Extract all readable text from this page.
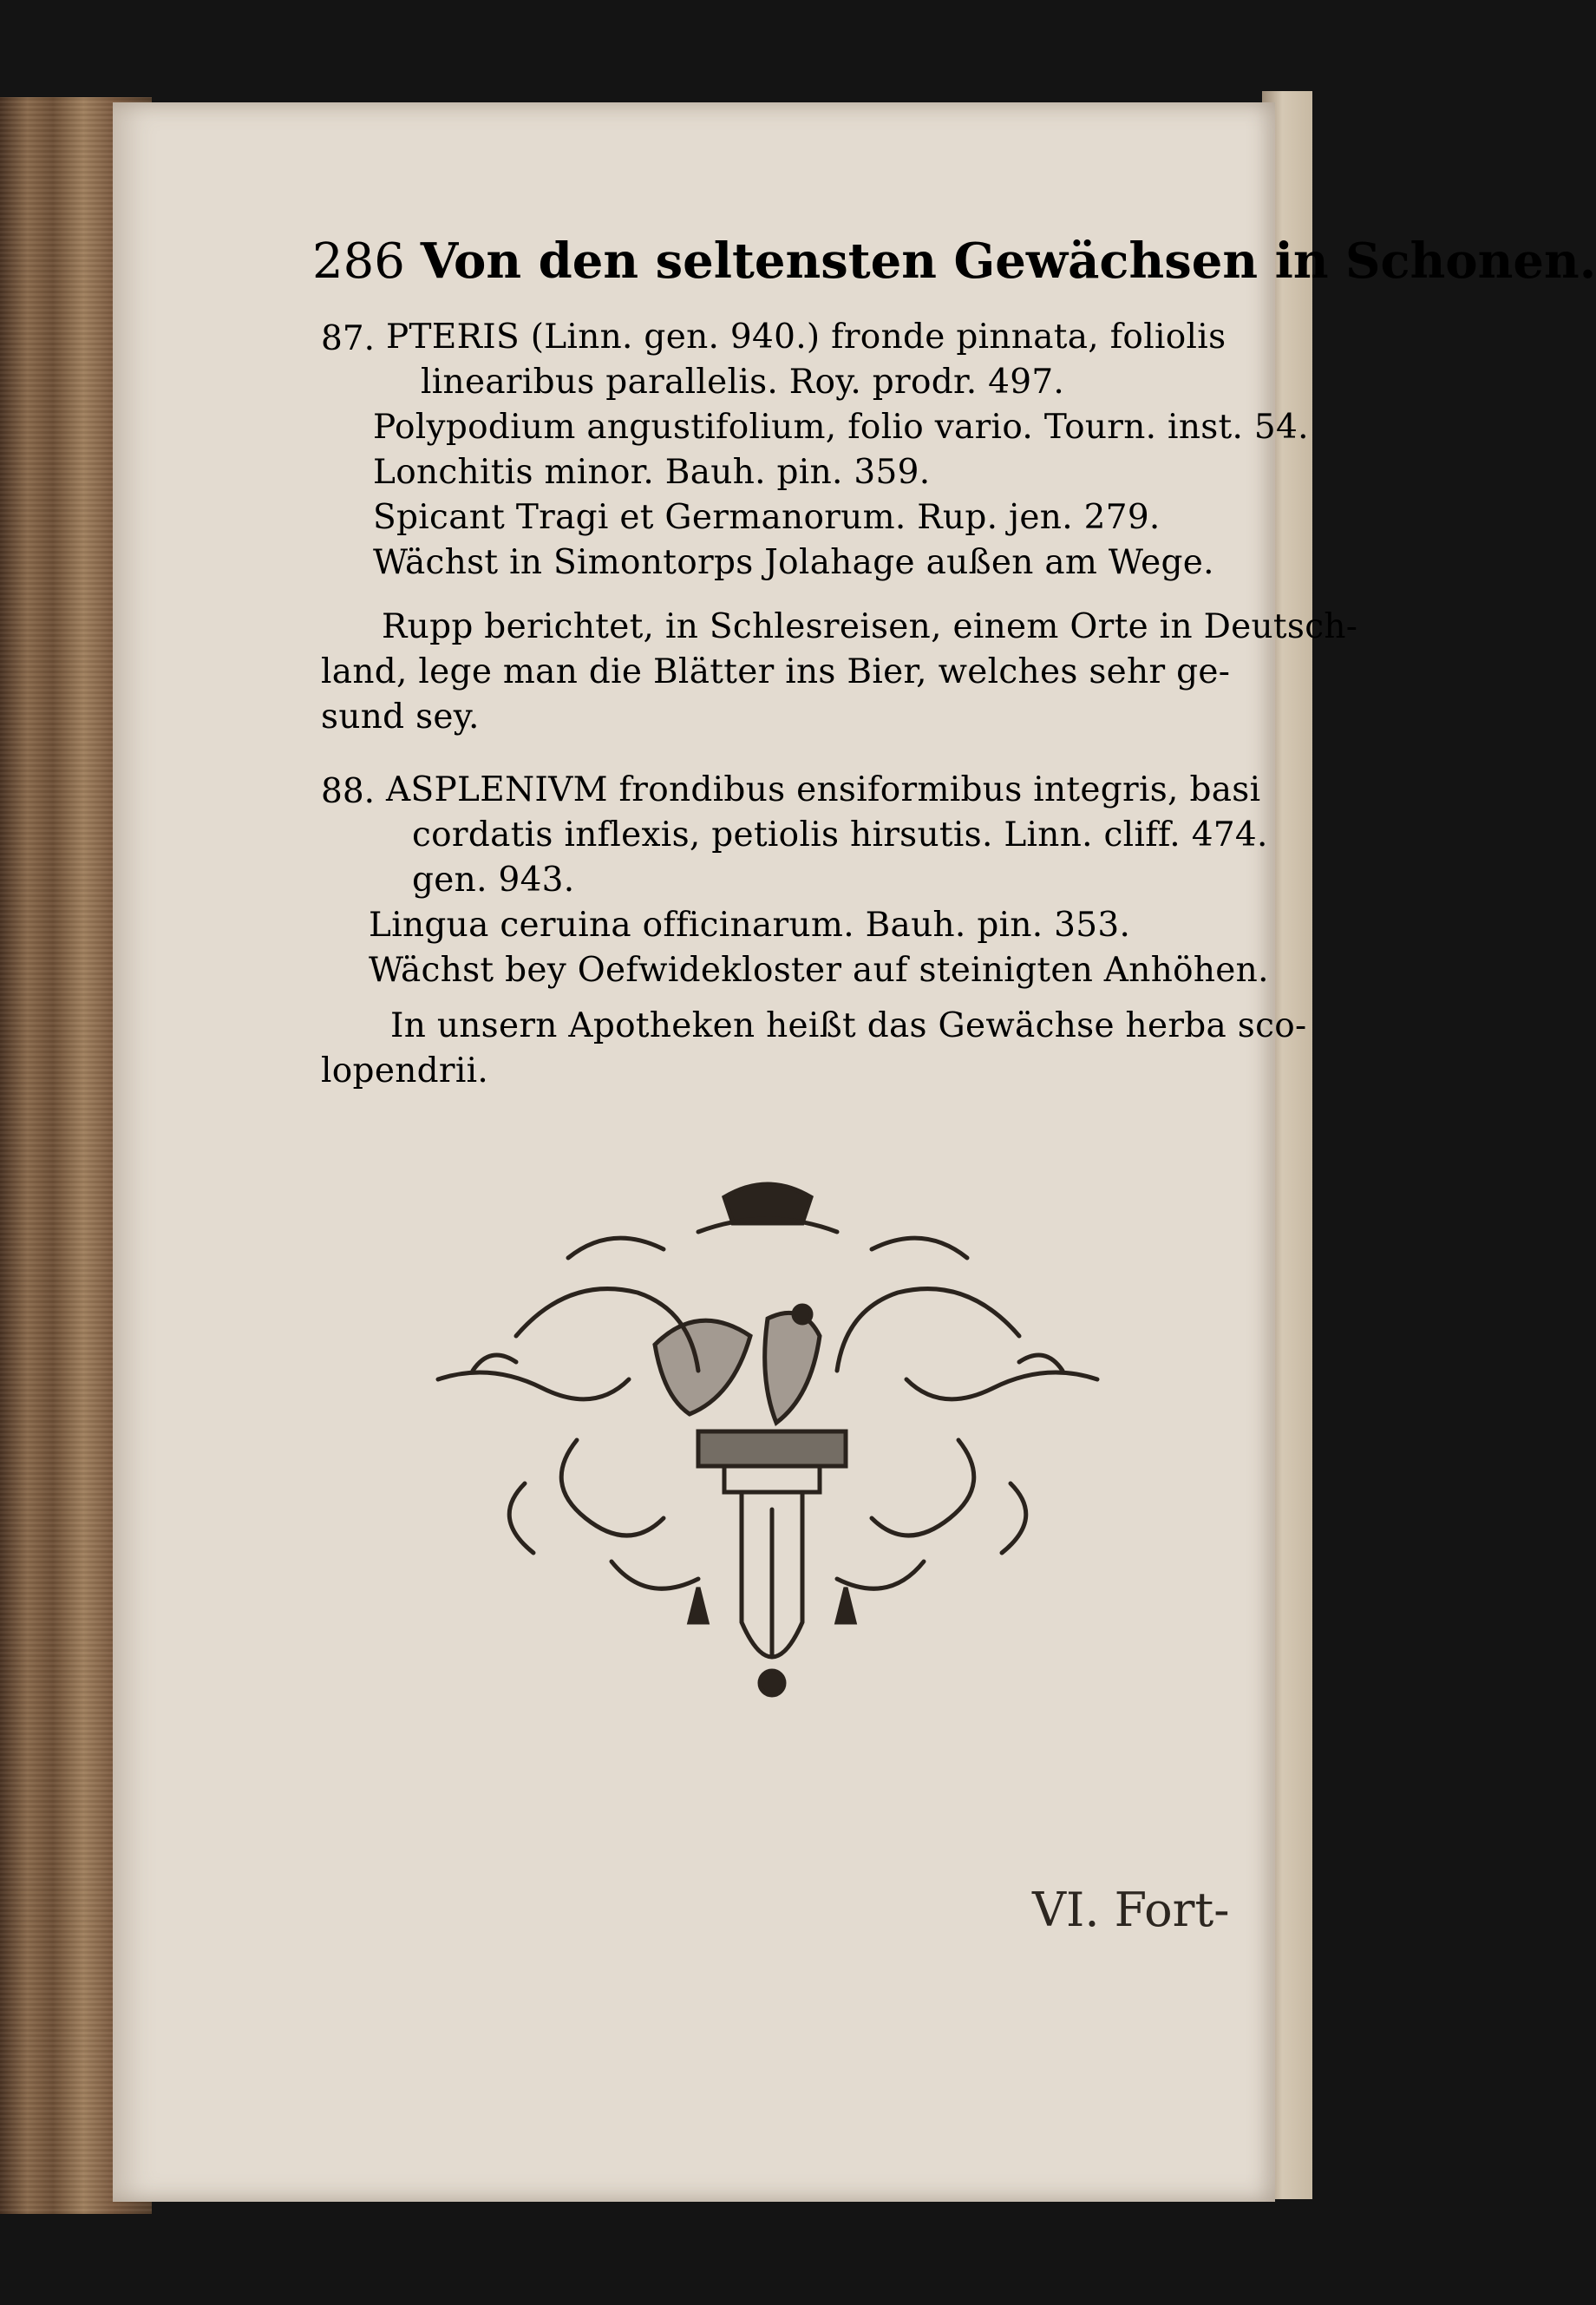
286 Von den seltensten Gewächsen in Schonen.
87. PTERIS (Linn. gen. 940.) fronde pinnata, foliolis
linearibus parallelis. Roy. prodr. 497.
Polypodium angustifolium, folio vario. Tourn. inst. 54.
Lonchitis minor. Bauh. pin. 359.
Spicant Tragi et Germanorum. Rup. jen. 279.
Wächst in Simontorps Jolahage außen am Wege.
Rupp berichtet, in Schlesreisen, einem Orte in Deutsch-
land, lege man die Blätter ins Bier, welches sehr ge-
sund sey.
88. ASPLENIVM frondibus ensiformibus integris, basi
cordatis inflexis, petiolis hirsutis. Linn. cliff. 474.
gen. 943.
Lingua ceruina officinarum. Bauh. pin. 353.
Wächst bey Oefwidekloster auf steinigten Anhöhen.
In unsern Apotheken heißt das Gewächse herba sco-
lopendrii.
VI. Fort-
